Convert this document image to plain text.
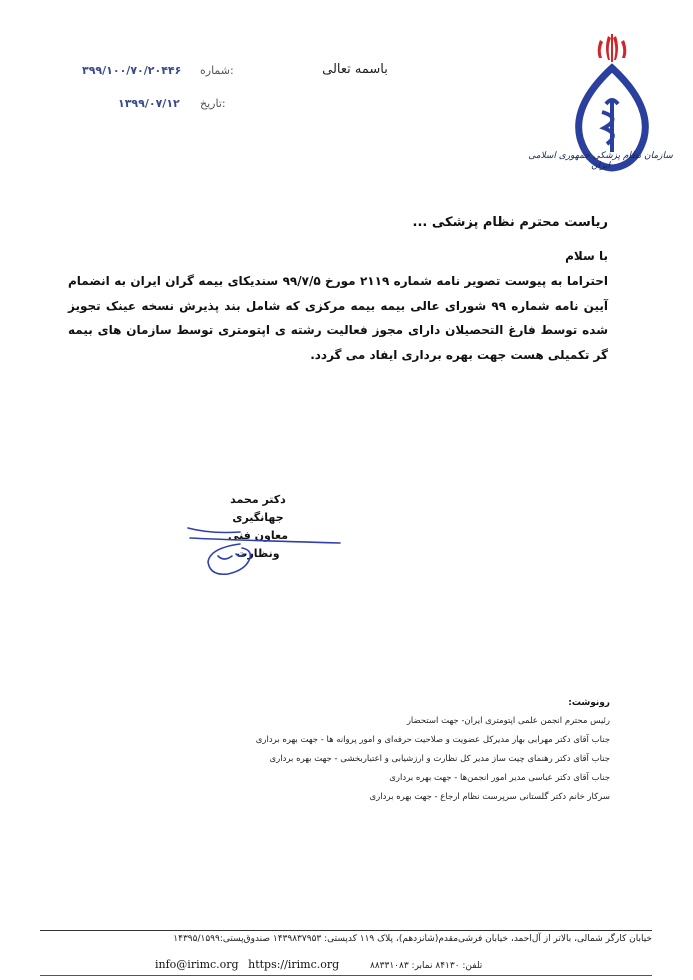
سازمان نظام پزشکی جمهوری اسلامی ایران
باسمه تعالی
۳۹۹/۱۰۰/۷۰/۲۰۴۴۶ شماره:
۱۳۹۹/۰۷/۱۲ تاریخ:
ریاست محترم نظام پزشکی ...
با سلام
احتراما به پیوست تصویر نامه شماره ۲۱۱۹ مورخ ۹۹/۷/۵ سندیکای بیمه گران ایران به انضمام آیین نامه شماره ۹۹ شورای عالی بیمه بیمه مرکزی که شامل بند پذیرش نسخه عینک تجویز شده توسط فارغ التحصیلان دارای مجوز فعالیت رشته ی اپتومتری توسط سازمان های بیمه گر تکمیلی هست جهت بهره برداری ایفاد می گردد.
دکتر محمد جهانگیری
معاون فنی ونظارت
رونوشت:
رئیس محترم انجمن علمی اپتومتری ایران- جهت استحضار
جناب آقای دکتر مهرابی بهار مدیرکل عضویت و صلاحیت حرفه‌ای و امور پروانه ها - جهت بهره برداری
جناب آقای دکتر رهنمای چیت ساز مدیر کل نظارت و ارزشیابی و اعتباربخشی - جهت بهره برداری
جناب آقای دکتر عباسی مدیر امور انجمن‌ها - جهت بهره برداری
سرکار خانم دکتر گلستانی سرپرست نظام ارجاع - جهت بهره برداری
خیابان کارگر شمالی، بالاتر از آل‌احمد، خیابان فرشی‌مقدم(شانزدهم)، پلاک ۱۱۹ کدپستی: ۱۴۳۹۸۳۷۹۵۳ صندوق‌پستی:۱۴۳۹۵/۱۵۹۹
info@irimc.org https://irimc.org	تلفن: ۸۴۱۳۰ نمابر: ۸۸۳۳۱۰۸۳
